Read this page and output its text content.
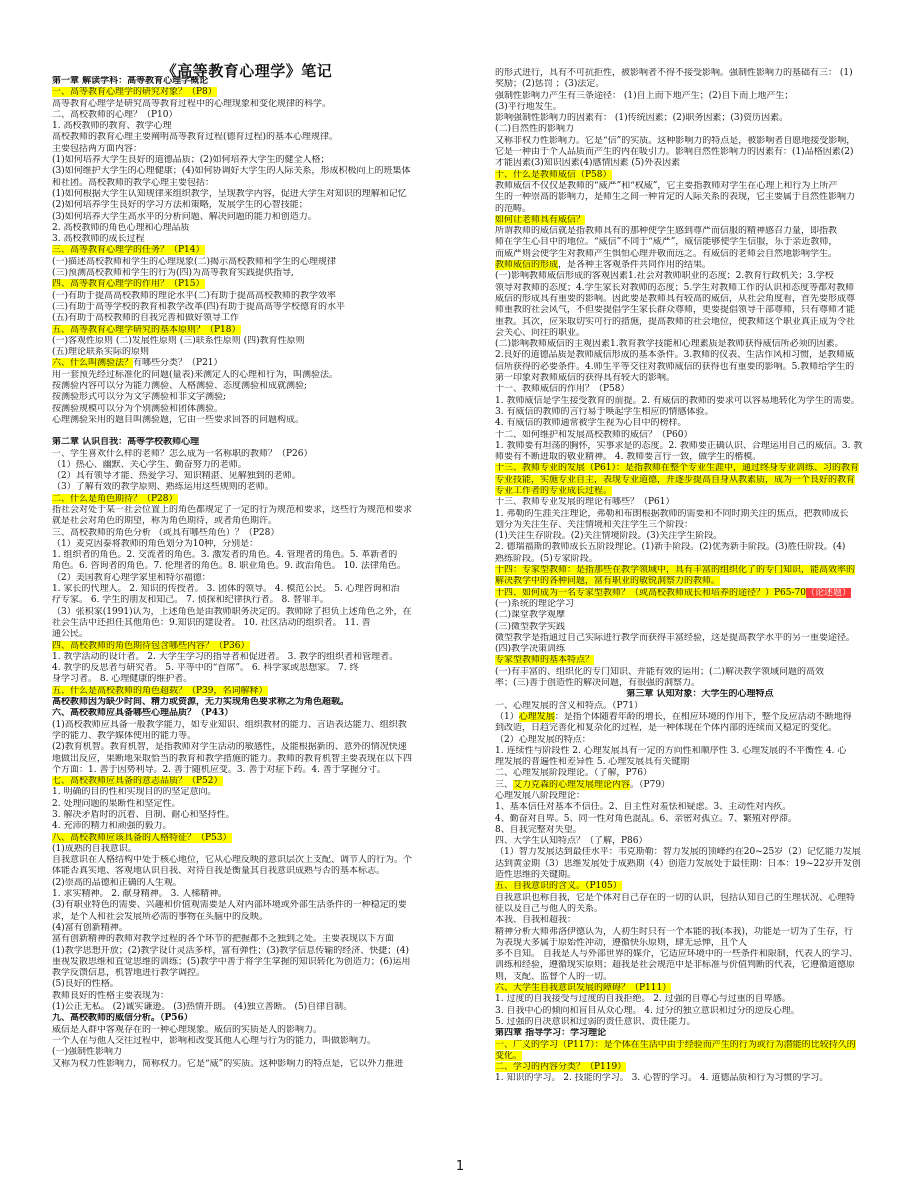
《高等教育心理学》笔记
第一章 解读学科：高等教育心理学概论
一、高等教育心理学的研究对象？（P8）
高等教育心理学是研究高等教育过程中的心理现象和变化规律的科学。
二、高校教师的心理？（P10）
1. 高校教师的教育、教学心理
高校教师的教育心理主要阐明高等教育过程(德育过程)的基本心理规律。
主要包括两方面内容：
(1)如何培养大学生良好的道德品质；(2)如何培养大学生的健全人格；
(3)如何维护大学生的心理健康；(4)如何协调好大学生的人际关系，形成积极向上的班集体
和社团。高校教师的教学心理主要包括：
(1)如何根据大学生认知规律来组织教学，呈现教学内容，促进大学生对知识的理解和记忆
(2)如何培养学生良好的学习方法和策略，发展学生的心智技能；
(3)如何培养大学生高水平的分析问题、解决问题的能力和创造力。
2. 高校教师的角色心理和心理品质
3. 高校教师的成长过程
三、高等教育心理学的任务？（P14）
(一)描述高校教师和学生的心理现象(二)揭示高校教师和学生的心理规律
(三)预测高校教师和学生的行为(四)为高等教育实践提供指导,
四、高等教育心理学的作用？（P15）
(一)有助于提高高校教师的理论水平(二)有助于提高高校教师的教学效率
(三)有助于高等学校的教育和教学改革(四)有助于提高高等学校德育的水平
(五)有助于高校教师的自我完善和做好领导工作
五、高等教育心理学研究的基本原则？（P18）
(一)客观性原则 (二)发展性原则 (三)联系性原则 (四)教育性原则
(五)理论联系实际的原则
六、什么叫测验法？有哪些分类？（P21）
用一套预先经过标准化的问题(量表)来测定人的心理和行为，叫测验法。
按测验内容可以分为能力测验、人格测验、态度测验和成就测验;
按测验形式可以分为文字测验和非文字测验;
按测验规模可以分为个别测验和团体测验。
心理测验采用的题目叫测验题，它由一些要求回答的问题构成。
第二章 认识自我：高等学校教师心理
一、学生喜欢什么样的老师？怎么成为一名称职的教师？（P26）
（1）热心、幽默、关心学生、勤奋努力的老师。
（2）具有领导才能、热爱学习、知识精湛、见解独到的老师。
（3）了解有效的教学原则、熟练运用这些规则的老师。
二、什么是角色期待？（P28）
指社会对处于某一社会位置上的角色都规定了一定的行为规范和要求，这些行为规范和要求
就是社会对角色的期望，称为角色期待，或者角色期许。
三、高校教师的角色分析 （或具有哪些角色）？（P28）
（1）麦克因泰将教师的角色划分为10种，分别是：
1. 组织者的角色。2. 交流者的角色。3. 激发者的角色。4. 管理者的角色。5. 革新者的
角色。6. 咨询者的角色。7. 伦理者的角色。8. 职业角色。9. 政治角色。 10. 法律角色。
（2）美国教育心理学家里和特尔福德：
1. 家长的代理人。 2. 知识的传授者。 3. 团体的领导。 4. 模范公民。 5. 心理咨询和治
疗专家。 6. 学生的朋友和知己。 7. 侦探和纪律执行者。 8. 替罪羊。
（3）张积家(1991)认为，上述角色是由教师职务决定的。教师除了担负上述角色之外，在
社会生活中还担任其他角色：9.知识的建设者。 10. 社区活动的组织者。 11. 普
通公民。
四、高校教师的角色期待包含哪些内容？（P36）
1. 教学活动的设计者。 2. 大学生学习的指导者和促进者。 3. 教学的组织者和管理者。
4. 教学的反思者与研究者。 5. 平等中的“首席”。 6. 科学家或思想家。 7. 终
身学习者。 8. 心理健康的维护者。
五、什么是高校教师的角色超载？（P39，名词解释）
高校教师因为缺少时间、精力或资源，无力实现角色要求称之为角色超载。
六、高校教师应具备哪些心理品质？（P43）
(1)高校教师应具备一般教学能力，如专业知识、组织教材的能力、言语表达能力、组织教
学的能力、教学媒体使用的能力等。
(2)教育机智。教育机智，是指教师对学生活动的敏感性，及能根据新的、意外的情况快速
地做出反应，果断地采取恰当的教育和教学措施的能力。教师的教育机智主要表现在以下四
个方面：1. 善于因势利导。2. 善于随机应变。3. 善于对症下药。4. 善于掌握分寸。
七、高校教师应具备的意志品质？（P52）
1. 明确的目的性和实现目的的坚定意向。
2. 处理问题的果断性和坚定性。
3. 解决矛盾时的沉着、自制、耐心和坚持性。
4. 充沛的精力和顽强的毅力。
八、高校教师应该具备的人格特征？（P53）
(1)成熟的自我意识。
自我意识在人格结构中处于核心地位，它从心理反映的意识层次上支配、调节人的行为。个
体能否真实地、客观地认识自我、对待自我是衡量其自我意识成熟与否的基本标志。
(2)崇高的品德和正确的人生观。
1. 求实精神。 2. 献身精神。 3. 人梯精神。
(3)有职业特色的需要、兴趣和价值观需要是人对内部环境或外部生活条件的一种稳定的要
求，是个人和社会发展所必需的事物在头脑中的反映。
(4)富有创新精神。
富有创新精神的教师对教学过程的各个环节的把握都不乏独到之处。主要表现以下方面
(1)教学思想开放；(2)教学设计灵活多样，富有弹性；(3)教学信息传输的经济、快捷；(4)
重视发散思维和直觉思维的训练；(5)教学中善于将学生掌握的知识转化为创造力；(6)运用
教学反馈信息，机智地进行教学调控。
(5)良好的性格。
教师良好的性格主要表现为：
(1)公正无私。 (2)诚实谦逊。 (3)热情开朗。 (4)独立善断。 (5)自律自制。
九、高校教师的威信分析。（P56）
威信是人群中客观存在的一种心理现象。威信的实质是人的影响力。
一个人在与他人交往过程中，影响和改变其他人心理与行为的能力，叫做影响力。
(一)强制性影响力
又称为权力性影响力，简称权力。它是“威”的实质。这种影响力的特点是，它以外力推进
的形式进行，具有不可抗拒性，被影响者不得不接受影响。强制性影响力的基础有三： (1)
奖励；(2)惩罚 ；(3)法定。
强制性影响力产生有三条途径： (1)自上而下地产生；(2)自下而上地产生；
(3)平行地发生。
影响强制性影响力的因素有： (1)传统因素；(2)职务因素；(3)资历因素。
(二)自然性的影响力
又称非权力性影响力。它是“信”的实质。这种影响力的特点是，被影响者自愿地接受影响，
它是一种由于个人品质而产生的内在吸引力。影响自然性影响力的因素有：(1)品格因素(2)
才能因素(3)知识因素(4)感情因素 (5)外表因素
十、什么是教师威信（P58）
教师威信不仅仅是教师的“威严”和“权威”，它主要指教师对学生在心理上和行为上所产
生的一种崇高的影响力，是师生之间一种肯定的人际关系的表现，它主要属于自然性影响力
的范畴。
如何让老师具有威信？
所谓教师的威信就是指教师具有的那种使学生感到尊严而信服的精神感召力量，即指教
师在学生心目中的地位。“威信”不同于“威严”，威信能够使学生信服，乐于亲近教师，
而威严则会使学生对教师产生惧怕心理并敬而远之。有威信的老师会自然地影响学生。
教师威信的形成，是各种主客观条件共同作用的结果。
(一)影响教师威信形成的客观因素1.社会对教师职业的态度；2.教育行政机关；3.学校
领导对教师的态度；4.学生家长对教师的态度；5.学生对教师工作的认识和态度等都对教师
威信的形成具有重要的影响。因此要是教师具有较高的威信，从社会角度看，首先要形成尊
师重教的社会风气，不但要提倡学生家长群众尊师，更要提倡领导干部尊师，只有尊师才能
重教。其次，应采取切实可行的措施，提高教师的社会地位，使教师这个职业真正成为令社
会关心、向往的职业。
(二)影响教师威信的主观因素1.教育教学技能和心理素质是教师获得威信所必须的因素。
2.良好的道德品质是教师威信形成的基本条件。3.教师的仪表、生活作风和习惯，是教师威
信所获得的必要条件。4.师生平等交往对教师威信的获得也有重要的影响。5.教师给学生的
第一印象对教师威信的获得具有较大的影响。
十一、教师威信的作用？（P58）
1. 教师威信是学生接受教育的前提。2. 有威信的教师的要求可以容易地转化为学生的需要。
3. 有威信的教师的言行易于唤起学生相应的情感体验。
4. 有威信的教师通常被学生视为心目中的榜样。
十二、如何维护和发展高校教师的威信？（P60）
1. 教师要有坦荡的胸怀，实事求是的态度。2. 教师要正确认识、合理运用自己的威信。3. 教
师要有不断进取的敬业精神。 4. 教师要言行一致，做学生的楷模。
十三、教师专业的发展（P61）：是指教师在整个专业生涯中，通过终身专业训练、习的教育
专业技能，实施专业自主，表现专业道德，并逐步提高自身从教素质，成为一个良好的教育
专业工作者的专业成长过程。
十三、教师专业发展的理论有哪些？（P61）
1. 弗勒的生涯关注理论，弗勒和布朗根据教师的需要和不同时期关注的焦点，把教师成长
划分为关注生存、关注情境和关注学生三个阶段：
(1)关注生存阶段。(2)关注情境阶段。(3)关注学生阶段。
2. 德瑞福斯的教师成长五阶段理论。(1)新手阶段。(2)优秀新手阶段。(3)胜任阶段。(4)
熟练阶段。(5)专家阶段。
十四：专家型教师：是指那些在教学领域中，具有丰富的组织化了的专门知识，能高效率的
解决教学中的各种问题，富有职业的敏锐洞察力的教师。
十四、如何成为一名专家型教师？（或高校教师成长和培养的途径？）P65-70（论述题）
(一)系统的理论学习
(二)课堂教学观摩
(三)微型教学实践
微型教学是指通过自己实际进行教学而获得丰富经验，这是提高教学水平的另一重要途径。
(四)教学决策训练
专家型教师的基本特点？
(一)有丰富的、组织化的专门知识、并能有效的运用；(二)解决教学领域问题的高效
率；(三)善于创造性的解决问题，有很强的洞察力。
第三章 认知对象：大学生的心理特点
一、心理发展的含义和特点。（P71）
（1）心理发展：是指个体随着年龄的增长，在相应环境的作用下，整个反应活动不断地得
到改造，日趋完善化和复杂化的过程，是一种体现在个体内部的连续而又稳定的变化。
（2）心理发展的特点：
1. 连续性与阶段性 2. 心理发展具有一定的方向性和顺序性 3. 心理发展的不平衡性 4. 心
理发展的普遍性和差异性 5. 心理发展具有关键期
二、心理发展阶段理论。（了解，P76）
三、艾力克森的心理发展理论内容。（P79）
心理发展八阶段理论：
1、基本信任对基本不信任。2、自主性对羞怯和疑虑。3、主动性对内疚。
4、勤奋对自卑。5、同一性对角色混乱。6、亲密对孤立。7、繁殖对停滞。
8、自我完整对失望。
四、大学生认知特点？（了解，P86）
（1）智力发展达到最佳水平：韦克斯勒：智力发展的顶峰约在20~25岁（2）记忆能力发展
达到黄金期（3）思维发展处于成熟期（4）创造力发展处于最佳期：日本：19~22岁开发创
造性思维的关键期。
五、自我意识的含义。（P105）
自我意识也称自我，它是个体对自己存在的一切的认识，包括认知自己的生理状况、心理特
征以及自己与他人的关系。
本我、自我和超我：
精神分析大师弗洛伊德认为，人初生时只有一个本能的我(本我)，功能是一切为了生存，行
为表现大多属于原始性冲动，遵循快乐原则，肆无忌惮，且个人
多不自知。 自我是人与外部世界的媒介，它适应环境中的一些条件和限制，代表人的学习、
训练和经验，遵循现实原则；超我是社会规范中是非标准与价值判断的代表，它遵循道德原
则，支配、监督个人的一切。
六、大学生自我意识发展的障碍？（P111）
1. 过度的自我接受与过度的自我拒绝。 2. 过强的自尊心与过重的自卑感。
3. 自我中心的倾向和盲目从众心理。 4. 过分的独立意识和过分的逆反心理。
5. 过强的自决意识和过弱的责任意识、责任能力。
第四章 指导学习：学习理论
一、广义的学习（P117）：是个体在生活中由于经验而产生的行为或行为潜能的比较持久的
变化。
二、学习的内容分类？（P119）
1. 知识的学习。 2. 技能的学习。 3. 心智的学习。 4. 道德品质和行为习惯的学习。
1
